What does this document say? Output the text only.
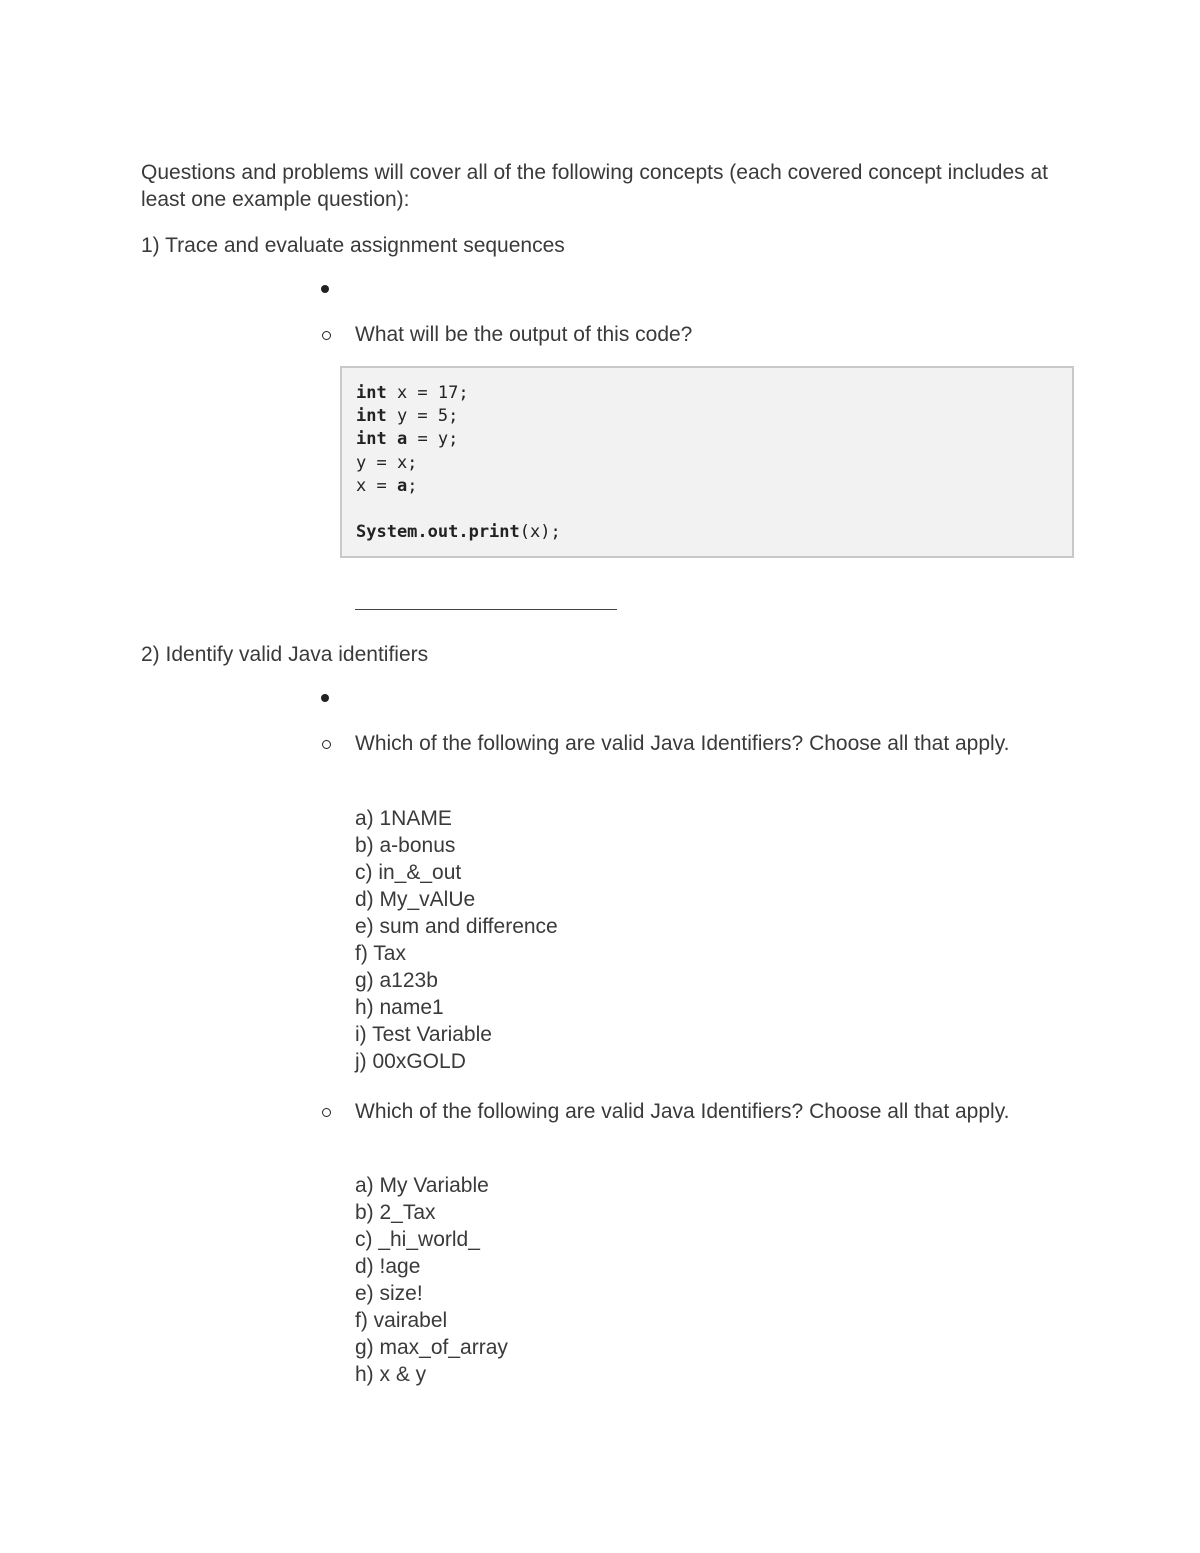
Questions and problems will cover all of the following concepts (each covered concept includes at least one example question):
1) Trace and evaluate assignment sequences
What will be the output of this code?
int x = 17;
int y = 5;
int a = y;
y = x;
x = a;
System.out.print(x);
2) Identify valid Java identifiers
Which of the following are valid Java Identifiers? Choose all that apply.
a) 1NAME
b) a-bonus
c) in_&_out
d) My_vAlUe
e) sum and difference
f) Tax
g) a123b
h) name1
i) Test Variable
j) 00xGOLD
Which of the following are valid Java Identifiers? Choose all that apply.
a) My Variable
b) 2_Tax
c) _hi_world_
d) !age
e) size!
f) vairabel
g) max_of_array
h) x & y
